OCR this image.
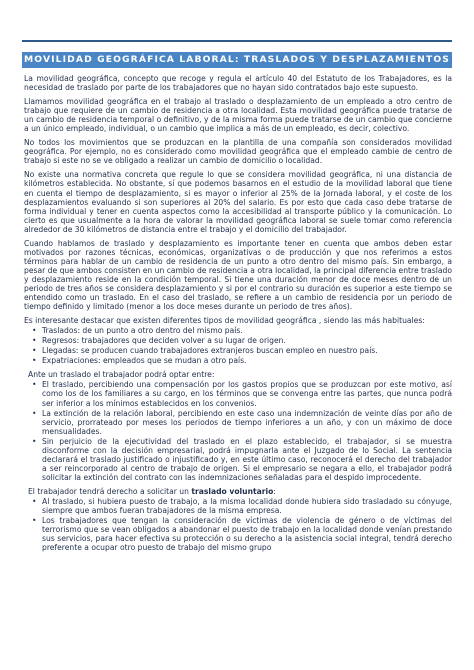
MOVILIDAD GEOGRÁFICA LABORAL: TRASLADOS Y DESPLAZAMIENTOS

La movilidad geográfica, concepto que recoge y regula el artículo 40 del Estatuto de los Trabajadores, es la necesidad de traslado por parte de los trabajadores que no hayan sido contratados bajo este supuesto.

Llamamos movilidad geográfica en el trabajo al traslado o desplazamiento de un empleado a otro centro de trabajo que requiere de un cambio de residencia a otra localidad. Esta movilidad geográfica puede tratarse de un cambio de residencia temporal o definitivo, y de la misma forma puede tratarse de un cambio que concierne a un único empleado, individual, o un cambio que implica a más de un empleado, es decir, colectivo.

No todos los movimientos que se produzcan en la plantilla de una compañía son considerados movilidad geográfica. Por ejemplo, no es considerado como movilidad geográfica que el empleado cambie de centro de trabajo si este no se ve obligado a realizar un cambio de domicilio o localidad.

No existe una normativa concreta que regule lo que se considera movilidad geográfica, ni una distancia de kilómetros establecida. No obstante, sí que podemos basarnos en el estudio de la movilidad laboral que tiene en cuenta el tiempo de desplazamiento, si es mayor o inferior al 25% de la Jornada laboral, y el coste de los desplazamientos evaluando si son superiores al 20% del salario. Es por esto que cada caso debe tratarse de forma individual y tener en cuenta aspectos como la accesibilidad al transporte público y la comunicación. Lo cierto es que usualmente a la hora de valorar la movilidad geográfica laboral se suele tomar como referencia alrededor de 30 kilómetros de distancia entre el trabajo y el domicilio del trabajador.

Cuando hablamos de traslado y desplazamiento es importante tener en cuenta que ambos deben estar motivados por razones técnicas, económicas, organizativas o de producción y que nos referimos a estos términos para hablar de un cambio de residencia de un punto a otro dentro del mismo país. Sin embargo, a pesar de que ambos consisten en un cambio de residencia a otra localidad, la principal diferencia entre traslado y desplazamiento reside en la condición temporal. Si tiene una duración menor de doce meses dentro de un periodo de tres años se considera desplazamiento y si por el contrario su duración es superior a este tiempo se entendido como un traslado. En el caso del traslado, se refiere a un cambio de residencia por un periodo de tiempo definido y limitado (menor a los doce meses durante un periodo de tres años).

Es interesante destacar que existen diferentes tipos de movilidad geográfica , siendo las más habituales:

• Traslados: de un punto a otro dentro del mismo país.
• Regresos: trabajadores que deciden volver a su lugar de origen.
• Llegadas: se producen cuando trabajadores extranjeros buscan empleo en nuestro país.
• Expatriaciones: empleados que se mudan a otro país.

Ante un traslado el trabajador podrá optar entre:

• El traslado, percibiendo una compensación por los gastos propios que se produzcan por este motivo, así como los de los familiares a su cargo, en los términos que se convenga entre las partes, que nunca podrá ser inferior a los mínimos establecidos en los convenios.
• La extinción de la relación laboral, percibiendo en este caso una indemnización de veinte días por año de servicio, prorrateado por meses los periodos de tiempo inferiores a un año, y con un máximo de doce mensualidades.
• Sin perjuicio de la ejecutividad del traslado en el plazo establecido, el trabajador, si se muestra disconforme con la decisión empresarial, podrá impugnarla ante el Juzgado de lo Social. La sentencia declarará el traslado justificado o injustificado y, en este último caso, reconocerá el derecho del trabajador a ser reincorporado al centro de trabajo de origen. Si el empresario se negara a ello, el trabajador podrá solicitar la extinción del contrato con las indemnizaciones señaladas para el despido improcedente.

El trabajador tendrá derecho a solicitar un traslado voluntario:

• Al traslado, si hubiera puesto de trabajo, a la misma localidad donde hubiera sido trasladado su cónyuge, siempre que ambos fueran trabajadores de la misma empresa.
• Los trabajadores que tengan la consideración de víctimas de violencia de género o de víctimas del terrorismo que se vean obligados a abandonar el puesto de trabajo en la localidad donde venían prestando sus servicios, para hacer efectiva su protección o su derecho a la asistencia social integral, tendrá derecho preferente a ocupar otro puesto de trabajo del mismo grupo
